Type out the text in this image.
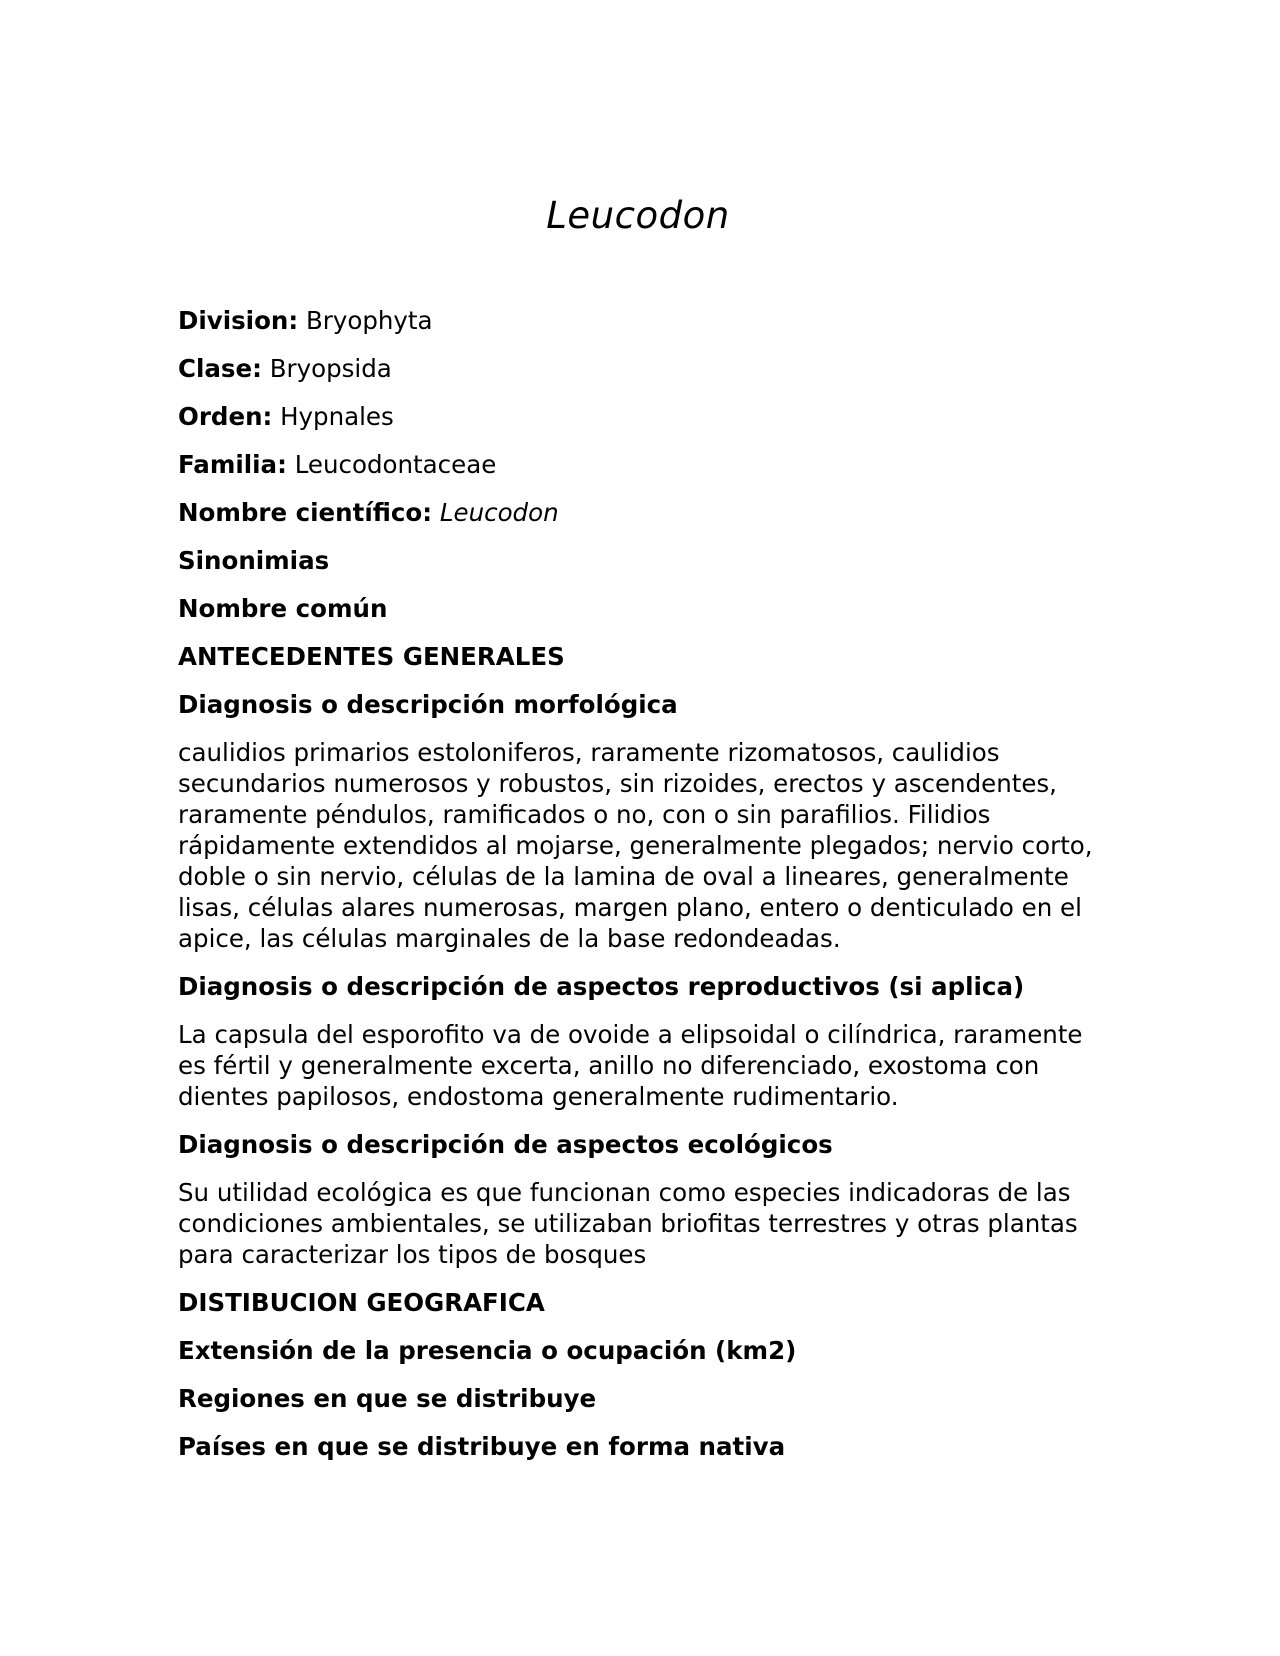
Leucodon

Division: Bryophyta

Clase: Bryopsida

Orden: Hypnales

Familia: Leucodontaceae

Nombre científico: Leucodon

Sinonimias

Nombre común

ANTECEDENTES GENERALES

Diagnosis o descripción morfológica

caulidios primarios estoloniferos, raramente rizomatosos, caulidios secundarios numerosos y robustos, sin rizoides, erectos y ascendentes, raramente péndulos, ramificados o no, con o sin parafilios. Filidios rápidamente extendidos al mojarse, generalmente plegados; nervio corto, doble o sin nervio, células de la lamina de oval a lineares, generalmente lisas, células alares numerosas, margen plano, entero o denticulado en el apice, las células marginales de la base redondeadas.

Diagnosis o descripción de aspectos reproductivos (si aplica)

La capsula del esporofito va de ovoide a elipsoidal o cilíndrica, raramente es fértil y generalmente excerta, anillo no diferenciado, exostoma con dientes papilosos, endostoma generalmente rudimentario.

Diagnosis o descripción de aspectos ecológicos

Su utilidad ecológica es que funcionan como especies indicadoras de las condiciones ambientales, se utilizaban briofitas terrestres y otras plantas para caracterizar los tipos de bosques

DISTIBUCION GEOGRAFICA

Extensión de la presencia o ocupación (km2)

Regiones en que se distribuye

Países en que se distribuye en forma nativa
